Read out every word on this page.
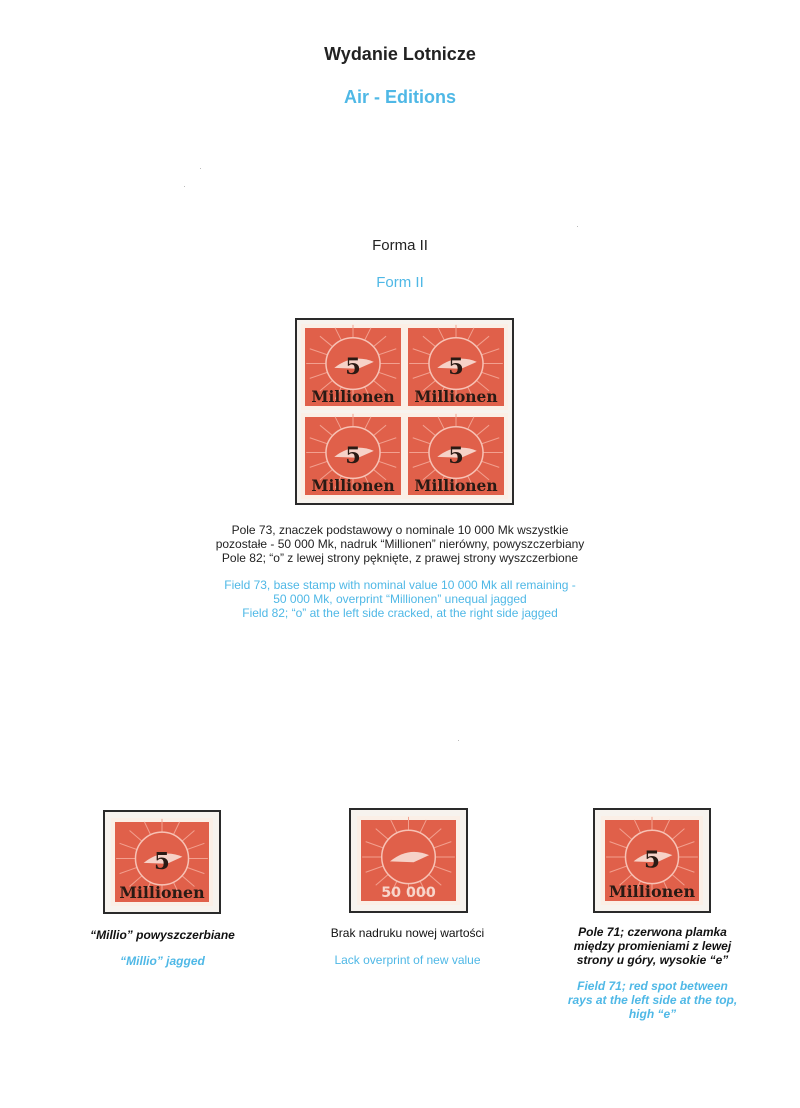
Wydanie Lotnicze
Air - Editions
Forma II
Form II
5
Millionen
5
Millionen
5
Millionen
5
Millionen
Pole 73, znaczek podstawowy o nominale 10 000 Mk wszystkie
pozostałe - 50 000 Mk, nadruk “Millionen” nierówny, powyszczerbiany
Pole 82; “o” z lewej strony pęknięte, z prawej strony wyszczerbione
Field 73, base stamp with nominal value 10 000 Mk all remaining -
50 000 Mk, overprint “Millionen” unequal jagged
Field 82; “o” at the left side cracked, at the right side jagged
5
Millionen	50 000
5
Millionen
“Millio” powyszczerbiane
“Millio” jagged
Brak nadruku nowej wartości
Lack overprint of new value
Pole 71; czerwona plamka
między promieniami z lewej
strony u góry, wysokie “e”
Field 71; red spot between
rays at the left side at the top,
high “e”
